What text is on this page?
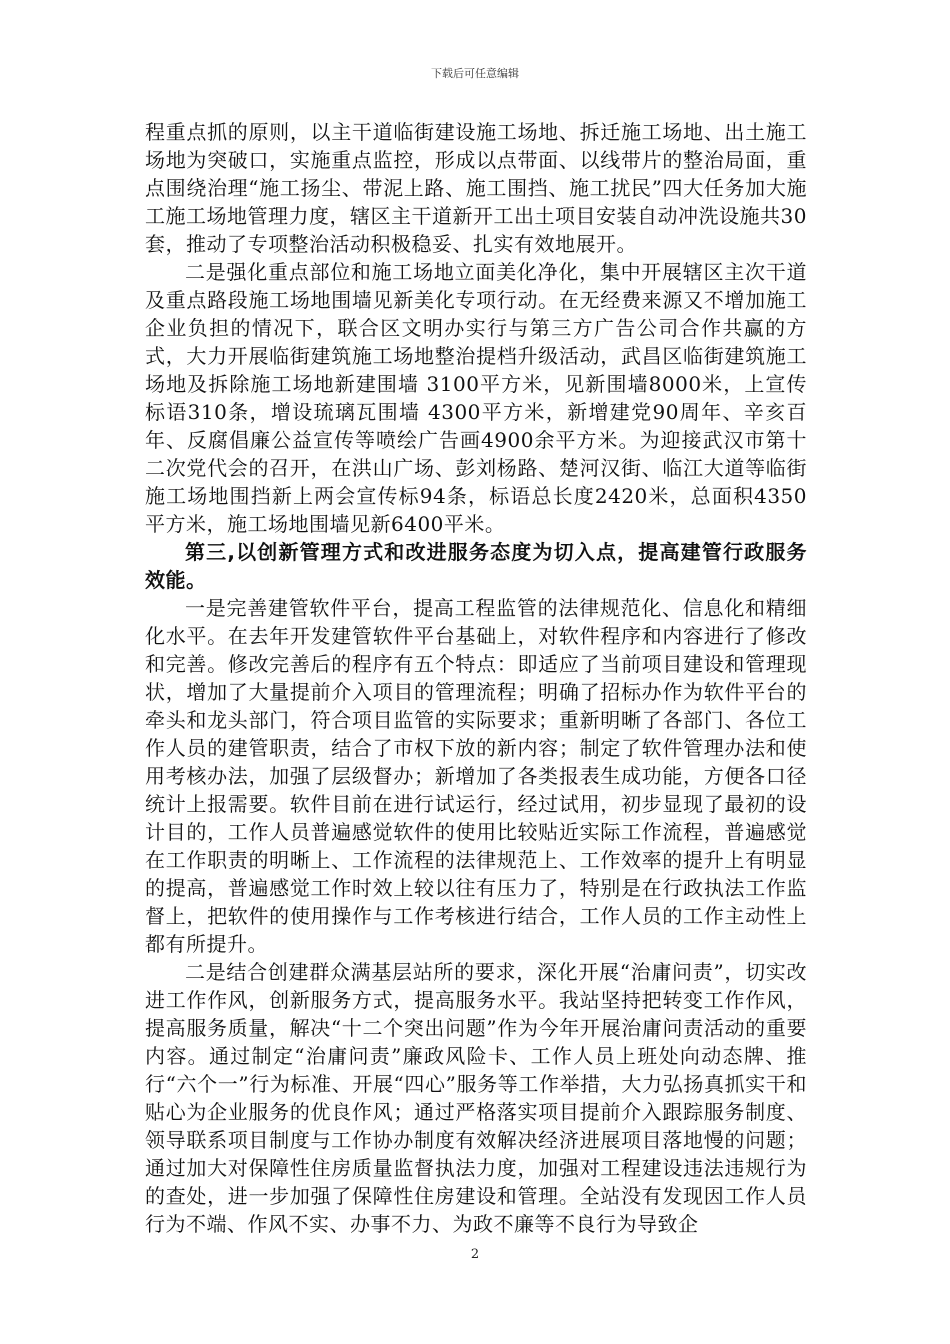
下载后可任意编辑

程重点抓的原则，以主干道临街建设施工场地、拆迁施工场地、出土施工场地为突破口，实施重点监控，形成以点带面、以线带片的整治局面，重点围绕治理“施工扬尘、带泥上路、施工围挡、施工扰民”四大任务加大施工施工场地管理力度，辖区主干道新开工出土项目安装自动冲洗设施共30套，推动了专项整治活动积极稳妥、扎实有效地展开。

二是强化重点部位和施工场地立面美化净化，集中开展辖区主次干道及重点路段施工场地围墙见新美化专项行动。在无经费来源又不增加施工企业负担的情况下，联合区文明办实行与第三方广告公司合作共赢的方式，大力开展临街建筑施工场地整治提档升级活动，武昌区临街建筑施工场地及拆除施工场地新建围墙 3100平方米，见新围墙8000米，上宣传标语310条，增设琉璃瓦围墙 4300平方米，新增建党90周年、辛亥百年、反腐倡廉公益宣传等喷绘广告画4900余平方米。为迎接武汉市第十二次党代会的召开，在洪山广场、彭刘杨路、楚河汉街、临江大道等临街施工场地围挡新上两会宣传标94条，标语总长度2420米，总面积4350平方米，施工场地围墙见新6400平米。

第三,以创新管理方式和改进服务态度为切入点，提高建管行政服务效能。

一是完善建管软件平台，提高工程监管的法律规范化、信息化和精细化水平。在去年开发建管软件平台基础上，对软件程序和内容进行了修改和完善。修改完善后的程序有五个特点：即适应了当前项目建设和管理现状，增加了大量提前介入项目的管理流程；明确了招标办作为软件平台的牵头和龙头部门，符合项目监管的实际要求；重新明晰了各部门、各位工作人员的建管职责，结合了市权下放的新内容；制定了软件管理办法和使用考核办法，加强了层级督办；新增加了各类报表生成功能，方便各口径统计上报需要。软件目前在进行试运行，经过试用，初步显现了最初的设计目的，工作人员普遍感觉软件的使用比较贴近实际工作流程，普遍感觉在工作职责的明晰上、工作流程的法律规范上、工作效率的提升上有明显的提高，普遍感觉工作时效上较以往有压力了，特别是在行政执法工作监督上，把软件的使用操作与工作考核进行结合，工作人员的工作主动性上都有所提升。

二是结合创建群众满基层站所的要求，深化开展“治庸问责”，切实改进工作作风，创新服务方式，提高服务水平。我站坚持把转变工作作风，提高服务质量，解决“十二个突出问题”作为今年开展治庸问责活动的重要内容。通过制定“治庸问责”廉政风险卡、工作人员上班处向动态牌、推行“六个一”行为标准、开展“四心”服务等工作举措，大力弘扬真抓实干和贴心为企业服务的优良作风；通过严格落实项目提前介入跟踪服务制度、领导联系项目制度与工作协办制度有效解决经济进展项目落地慢的问题；通过加大对保障性住房质量监督执法力度，加强对工程建设违法违规行为的查处，进一步加强了保障性住房建设和管理。全站没有发现因工作人员行为不端、作风不实、办事不力、为政不廉等不良行为导致企

2
